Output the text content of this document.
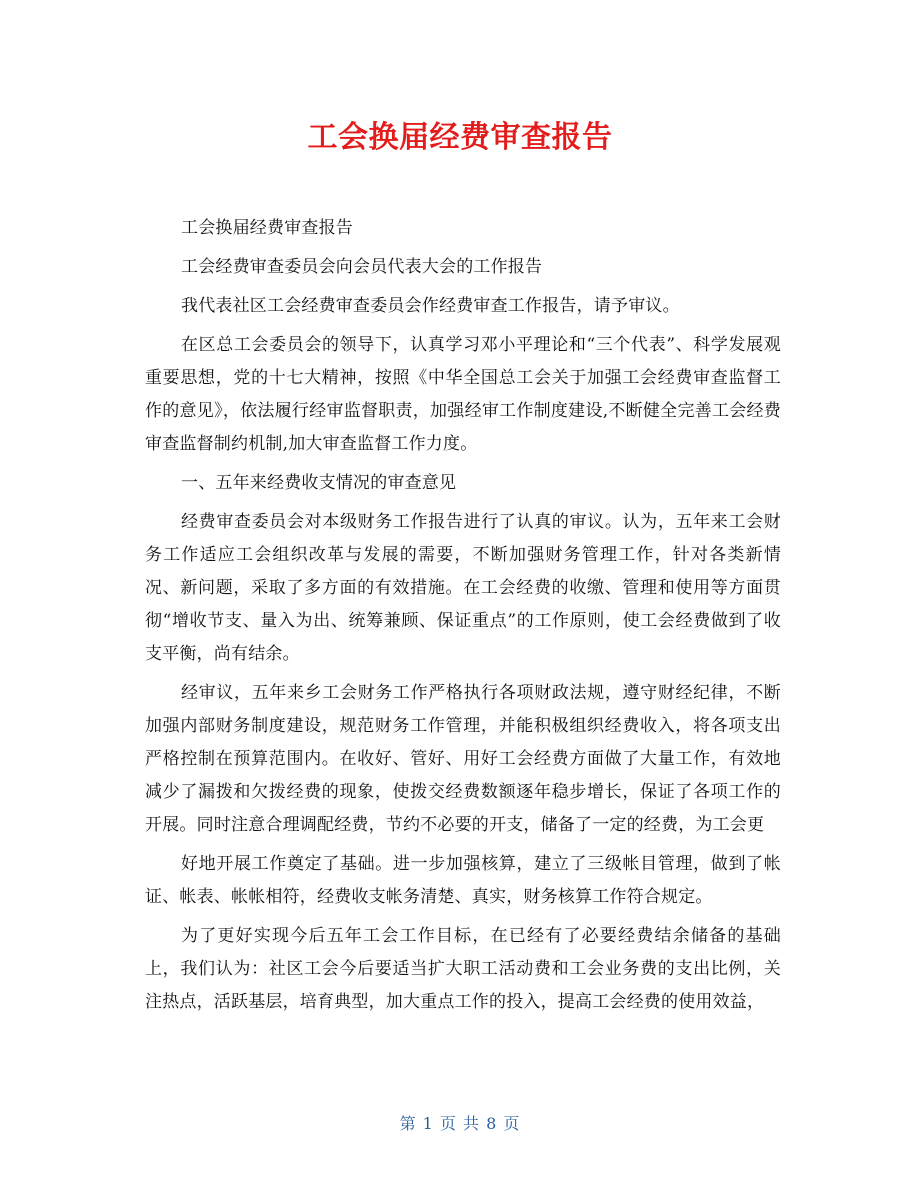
工会换届经费审查报告

工会换届经费审查报告

工会经费审查委员会向会员代表大会的工作报告

我代表社区工会经费审查委员会作经费审查工作报告，请予审议。

在区总工会委员会的领导下，认真学习邓小平理论和“三个代表”、科学发展观重要思想，党的十七大精神，按照《中华全国总工会关于加强工会经费审查监督工作的意见》，依法履行经审监督职责，加强经审工作制度建设,不断健全完善工会经费审查监督制约机制,加大审查监督工作力度。

一、五年来经费收支情况的审查意见

经费审查委员会对本级财务工作报告进行了认真的审议。认为，五年来工会财务工作适应工会组织改革与发展的需要，不断加强财务管理工作，针对各类新情况、新问题，采取了多方面的有效措施。在工会经费的收缴、管理和使用等方面贯彻“增收节支、量入为出、统筹兼顾、保证重点”的工作原则，使工会经费做到了收支平衡，尚有结余。

经审议，五年来乡工会财务工作严格执行各项财政法规，遵守财经纪律，不断加强内部财务制度建设，规范财务工作管理，并能积极组织经费收入，将各项支出严格控制在预算范围内。在收好、管好、用好工会经费方面做了大量工作，有效地减少了漏拨和欠拨经费的现象，使拨交经费数额逐年稳步增长，保证了各项工作的开展。同时注意合理调配经费，节约不必要的开支，储备了一定的经费，为工会更

好地开展工作奠定了基础。进一步加强核算，建立了三级帐目管理，做到了帐证、帐表、帐帐相符，经费收支帐务清楚、真实，财务核算工作符合规定。

为了更好实现今后五年工会工作目标，在已经有了必要经费结余储备的基础上，我们认为：社区工会今后要适当扩大职工活动费和工会业务费的支出比例，关注热点，活跃基层，培育典型，加大重点工作的投入，提高工会经费的使用效益，

第 1 页 共 8 页
